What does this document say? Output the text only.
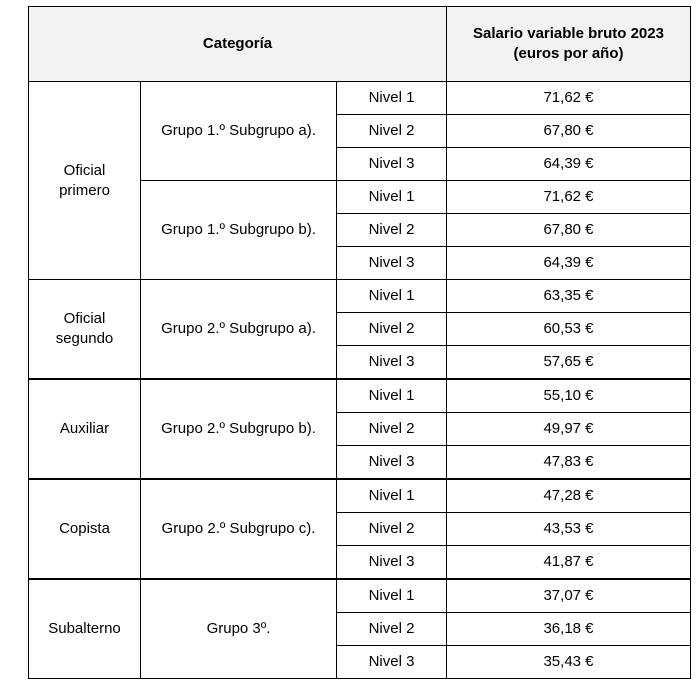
Categoría			Salario variable bruto 2023
(euros por año)
Oficial
primero	Grupo 1.º Subgrupo a).	Nivel 1	71,62 €
		Nivel 2	67,80 €
		Nivel 3	64,39 €
	Grupo 1.º Subgrupo b).	Nivel 1	71,62 €
		Nivel 2	67,80 €
		Nivel 3	64,39 €
Oficial
segundo	Grupo 2.º Subgrupo a).	Nivel 1	63,35 €
		Nivel 2	60,53 €
		Nivel 3	57,65 €
Auxiliar	Grupo 2.º Subgrupo b).	Nivel 1	55,10 €
		Nivel 2	49,97 €
		Nivel 3	47,83 €
Copista	Grupo 2.º Subgrupo c).	Nivel 1	47,28 €
		Nivel 2	43,53 €
		Nivel 3	41,87 €
Subalterno	Grupo 3º.	Nivel 1	37,07 €
		Nivel 2	36,18 €
		Nivel 3	35,43 €
